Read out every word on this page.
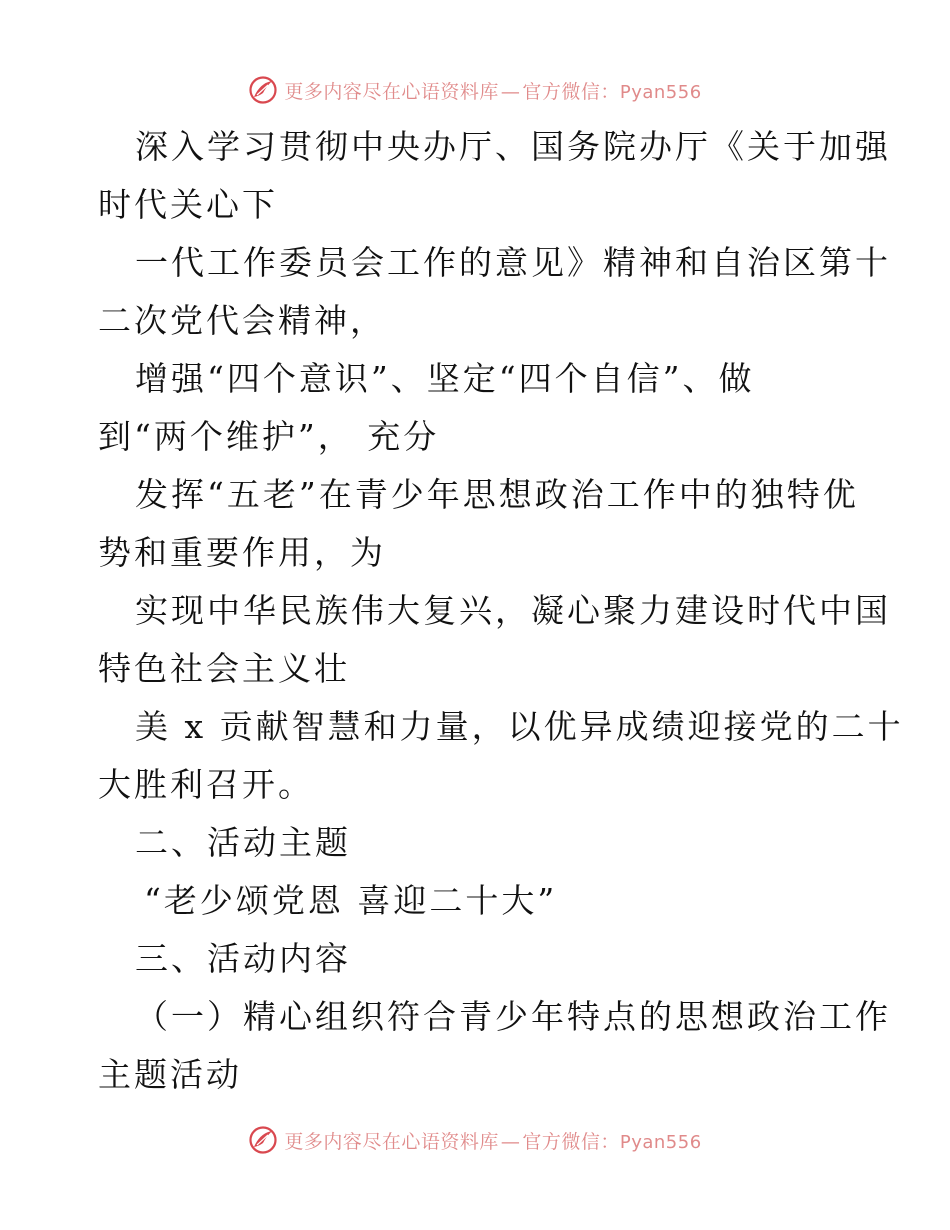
更多内容尽在心语资料库 — 官方微信：Pyan556
深入学习贯彻中央办厅、国务院办厅《关于加强
时代关心下
一代工作委员会工作的意见》精神和自治区第十
二次党代会精神，
增强“四个意识”、坚定“四个自信”、做
到“两个维护”， 充分
发挥“五老”在青少年思想政治工作中的独特优
势和重要作用，为
实现中华民族伟大复兴，凝心聚力建设时代中国
特色社会主义壮
美 x 贡献智慧和力量，以优异成绩迎接党的二十
大胜利召开。
二、活动主题
“老少颂党恩 喜迎二十大”
三、活动内容
（一）精心组织符合青少年特点的思想政治工作
主题活动
更多内容尽在心语资料库 — 官方微信：Pyan556
